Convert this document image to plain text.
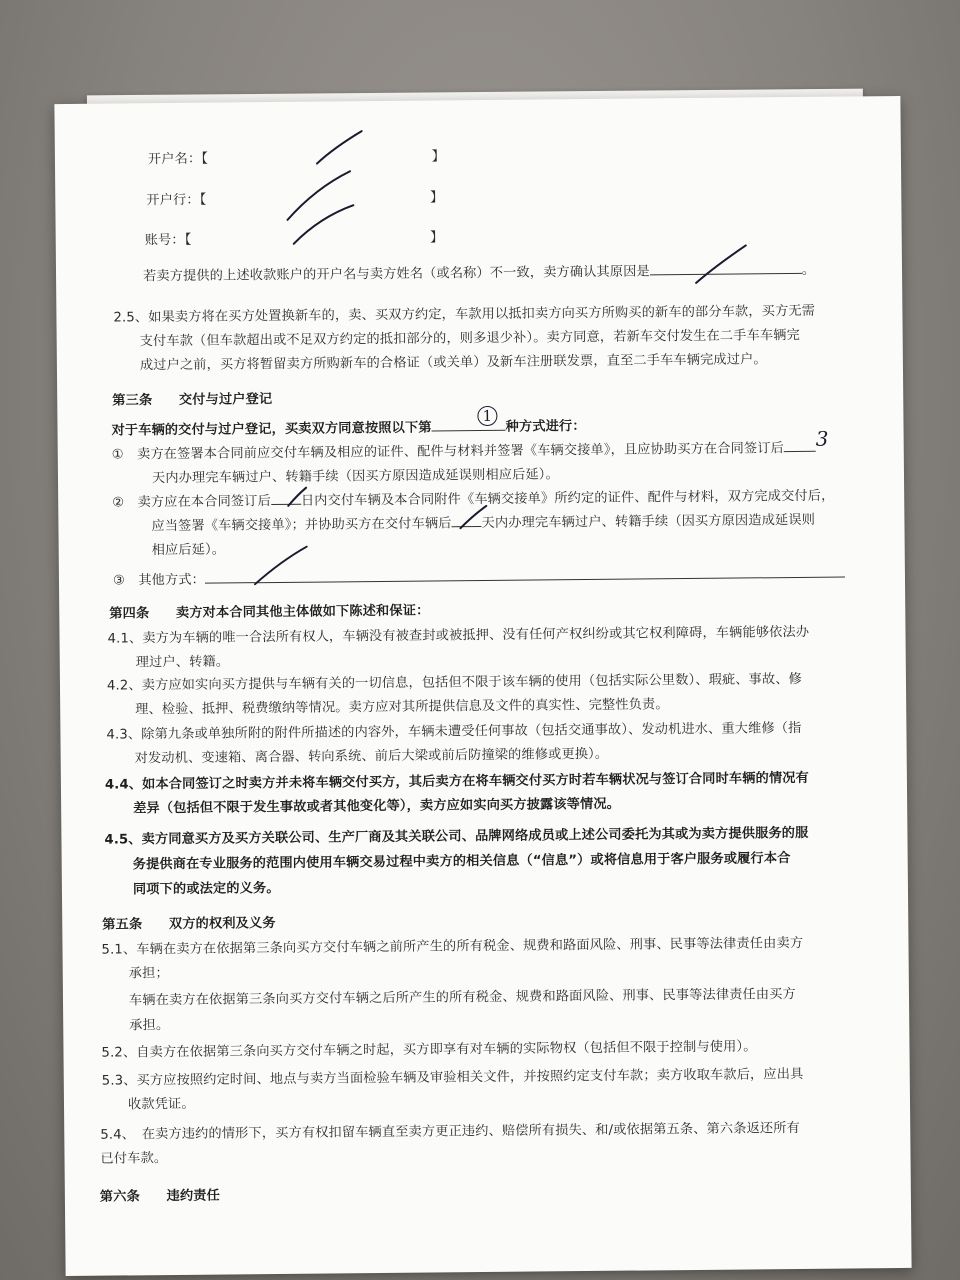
开户名：【	】
开户行：【	】
账号：【	】
若卖方提供的上述收款账户的开户名与卖方姓名（或名称）不一致，卖方确认其原因是	。
2.5、如果卖方将在买方处置换新车的，卖、买双方约定，车款用以抵扣卖方向买方所购买的新车的部分车款，买方无需
支付车款（但车款超出或不足双方约定的抵扣部分的，则多退少补）。卖方同意，若新车交付发生在二手车车辆完
成过户之前，买方将暂留卖方所购新车的合格证（或关单）及新车注册联发票，直至二手车车辆完成过户。
第三条　　交付与过户登记
对于车辆的交付与过户登记，买卖双方同意按照以下第	种方式进行：
①　卖方在签署本合同前应交付车辆及相应的证件、配件与材料并签署《车辆交接单》，且应协助买方在合同签订后
天内办理完车辆过户、转籍手续（因买方原因造成延误则相应后延）。
②　卖方应在本合同签订后 日内交付车辆及本合同附件《车辆交接单》所约定的证件、配件与材料，双方完成交付后，
应当签署《车辆交接单》；并协助买方在交付车辆后 天内办理完车辆过户、转籍手续（因买方原因造成延误则
相应后延）。
③　其他方式：
第四条　　卖方对本合同其他主体做如下陈述和保证：
4.1、卖方为车辆的唯一合法所有权人，车辆没有被查封或被抵押、没有任何产权纠纷或其它权利障碍，车辆能够依法办
理过户、转籍。
4.2、卖方应如实向买方提供与车辆有关的一切信息，包括但不限于该车辆的使用（包括实际公里数）、瑕疵、事故、修
理、检验、抵押、税费缴纳等情况。卖方应对其所提供信息及文件的真实性、完整性负责。
4.3、除第九条或单独所附的附件所描述的内容外，车辆未遭受任何事故（包括交通事故）、发动机进水、重大维修（指
对发动机、变速箱、离合器、转向系统、前后大梁或前后防撞梁的维修或更换）。
4.4、如本合同签订之时卖方并未将车辆交付买方，其后卖方在将车辆交付买方时若车辆状况与签订合同时车辆的情况有
差异（包括但不限于发生事故或者其他变化等），卖方应如实向买方披露该等情况。
4.5、卖方同意买方及买方关联公司、生产厂商及其关联公司、品牌网络成员或上述公司委托为其或为卖方提供服务的服
务提供商在专业服务的范围内使用车辆交易过程中卖方的相关信息（“信息”）或将信息用于客户服务或履行本合
同项下的或法定的义务。
第五条　　双方的权利及义务
5.1、车辆在卖方在依据第三条向买方交付车辆之前所产生的所有税金、规费和路面风险、刑事、民事等法律责任由卖方
承担；
车辆在卖方在依据第三条向买方交付车辆之后所产生的所有税金、规费和路面风险、刑事、民事等法律责任由买方
承担。
5.2、自卖方在依据第三条向买方交付车辆之时起，买方即享有对车辆的实际物权（包括但不限于控制与使用）。
5.3、买方应按照约定时间、地点与卖方当面检验车辆及审验相关文件，并按照约定支付车款；卖方收取车款后，应出具
收款凭证。
5.4、　在卖方违约的情形下，买方有权扣留车辆直至卖方更正违约、赔偿所有损失、和/或依据第五条、第六条返还所有
已付车款。
第六条　　违约责任
1
3
